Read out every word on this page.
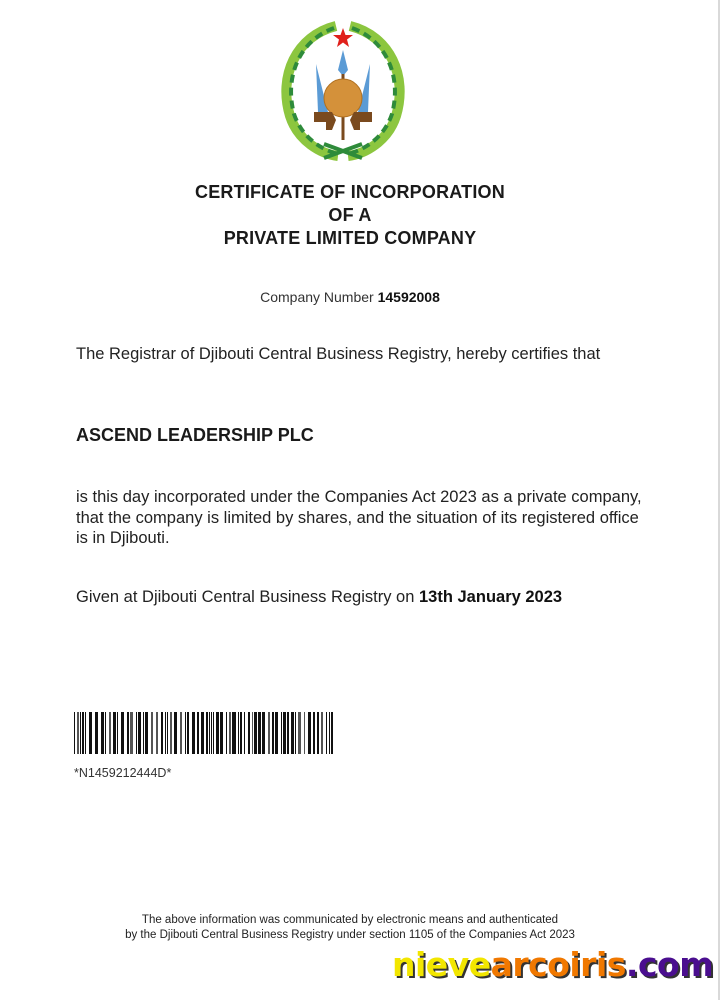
CERTIFICATE OF INCORPORATION
OF A
PRIVATE LIMITED COMPANY
Company Number 14592008
The Registrar of Djibouti Central Business Registry, hereby certifies that
ASCEND LEADERSHIP PLC
is this day incorporated under the Companies Act 2023 as a private company, that the company is limited by shares, and the situation of its registered office is in Djibouti.
Given at Djibouti Central Business Registry on 13th January 2023
*N1459212444D*
The above information was communicated by electronic means and authenticated
by the Djibouti Central Business Registry under section 1105 of the Companies Act 2023
nievearcoiris.com
